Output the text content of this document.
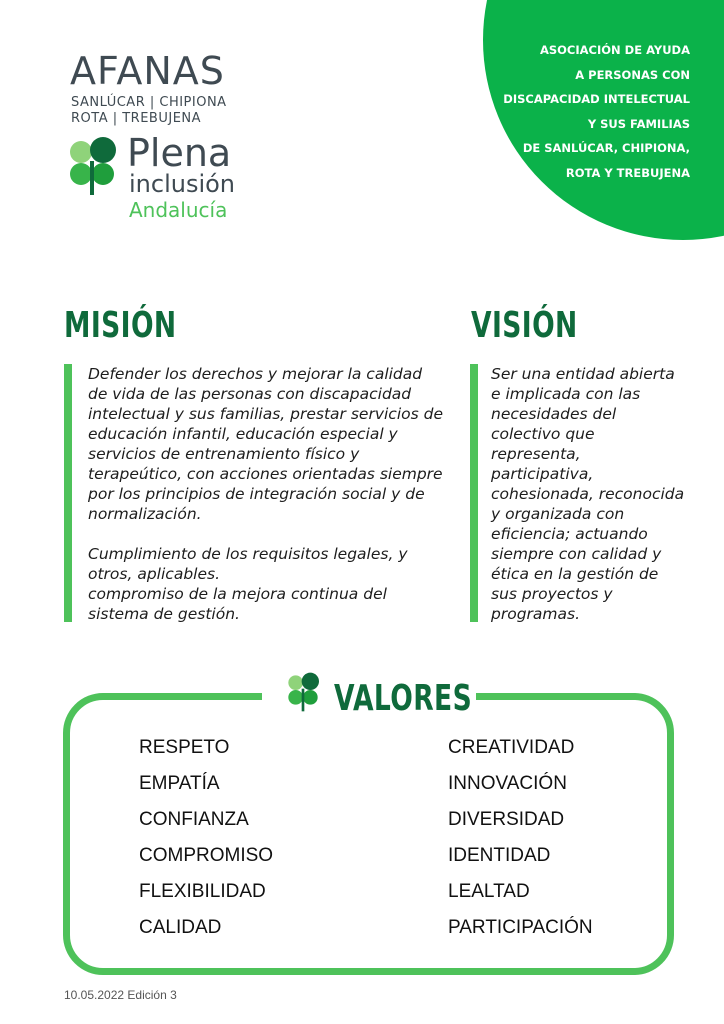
ASOCIACIÓN DE AYUDA
A PERSONAS CON
DISCAPACIDAD INTELECTUAL
Y SUS FAMILIAS
DE SANLÚCAR, CHIPIONA,
ROTA Y TREBUJENA
AFANAS
SANLÚCAR | CHIPIONA
ROTA | TREBUJENA
Plena
inclusión
Andalucía
MISIÓN

Defender los derechos y mejorar la calidad

de vida de las personas con discapacidad

intelectual y sus familias, prestar servicios de

educación infantil, educación especial y

servicios de entrenamiento físico y

terapeútico, con acciones orientadas siempre

por los principios de integración social y de

normalización.

Cumplimiento de los requisitos legales, y

otros, aplicables.

compromiso de la mejora continua del

sistema de gestión.

VISIÓN

Ser una entidad abierta

e implicada con las

necesidades del

colectivo que

representa,

participativa,

cohesionada, reconocida

y organizada con

eficiencia; actuando

siempre con calidad y

ética en la gestión de

sus proyectos y

programas.

VALORES
RESPETO
EMPATÍA
CONFIANZA
COMPROMISO
FLEXIBILIDAD
CALIDAD
CREATIVIDAD
INNOVACIÓN
DIVERSIDAD
IDENTIDAD
LEALTAD
PARTICIPACIÓN
10.05.2022 Edición 3
